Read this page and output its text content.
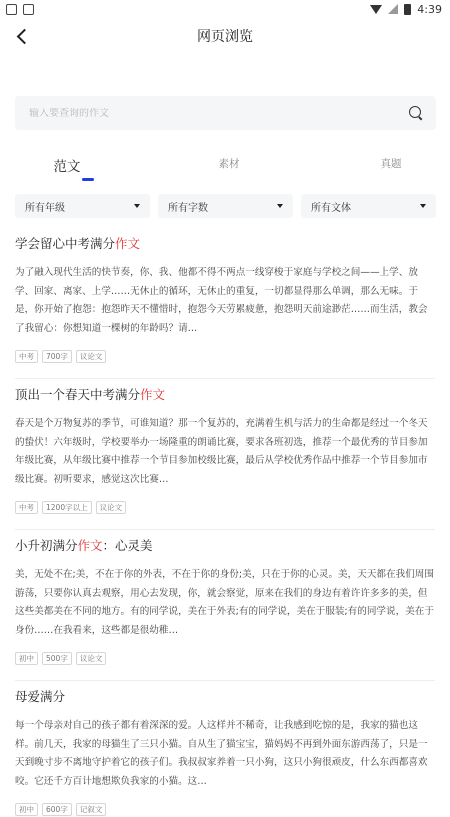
4:39
网页浏览
输入要查询的作文
范文	素材	真题
所有年级	所有字数	所有文体
学会留心中考满分作文
为了融入现代生活的快节奏，你、我、他都不得不两点一线穿梭于家庭与学校之间——上学、放学、回家、离家、上学……无休止的循环，无休止的重复，一切都显得那么单调，那么无味。于是，你开始了抱怨：抱怨昨天不懂惜时，抱怨今天劳累疲惫，抱怨明天前途渺茫……而生活，教会了我留心：你想知道一棵树的年龄吗？请…
中考	700字	议论文
顶出一个春天中考满分作文
春天是个万物复苏的季节，可谁知道？那一个复苏的，充满着生机与活力的生命都是经过一个冬天的蛰伏！六年级时，学校要举办一场隆重的朗诵比赛，要求各班初选，推荐一个最优秀的节目参加年级比赛，从年级比赛中推荐一个节目参加校级比赛，最后从学校优秀作品中推荐一个节目参加市级比赛。初听要求，感觉这次比赛…
中考	1200字以上	议论文
小升初满分作文：心灵美
美，无处不在;美，不在于你的外表，不在于你的身份;美，只在于你的心灵。美，天天都在我们周围游荡，只要你认真去观察，用心去发现，你，就会察觉，原来在我们的身边有着许许多多的美，但这些美都美在不同的地方。有的同学说，美在于外表;有的同学说，美在于服装;有的同学说，美在于身份……在我看来，这些都是很幼稚…
初中	500字	议论文
母爱满分
每一个母亲对自己的孩子都有着深深的爱。人这样并不稀奇，让我感到吃惊的是，我家的猫也这样。前几天，我家的母猫生了三只小猫。自从生了猫宝宝，猫妈妈不再到外面东游西荡了，只是一天到晚寸步不离地守护着它的孩子们。我叔叔家养着一只小狗，这只小狗很顽皮，什么东西都喜欢咬。它还千方百计地想欺负我家的小猫。这…
初中	600字	记叙文
